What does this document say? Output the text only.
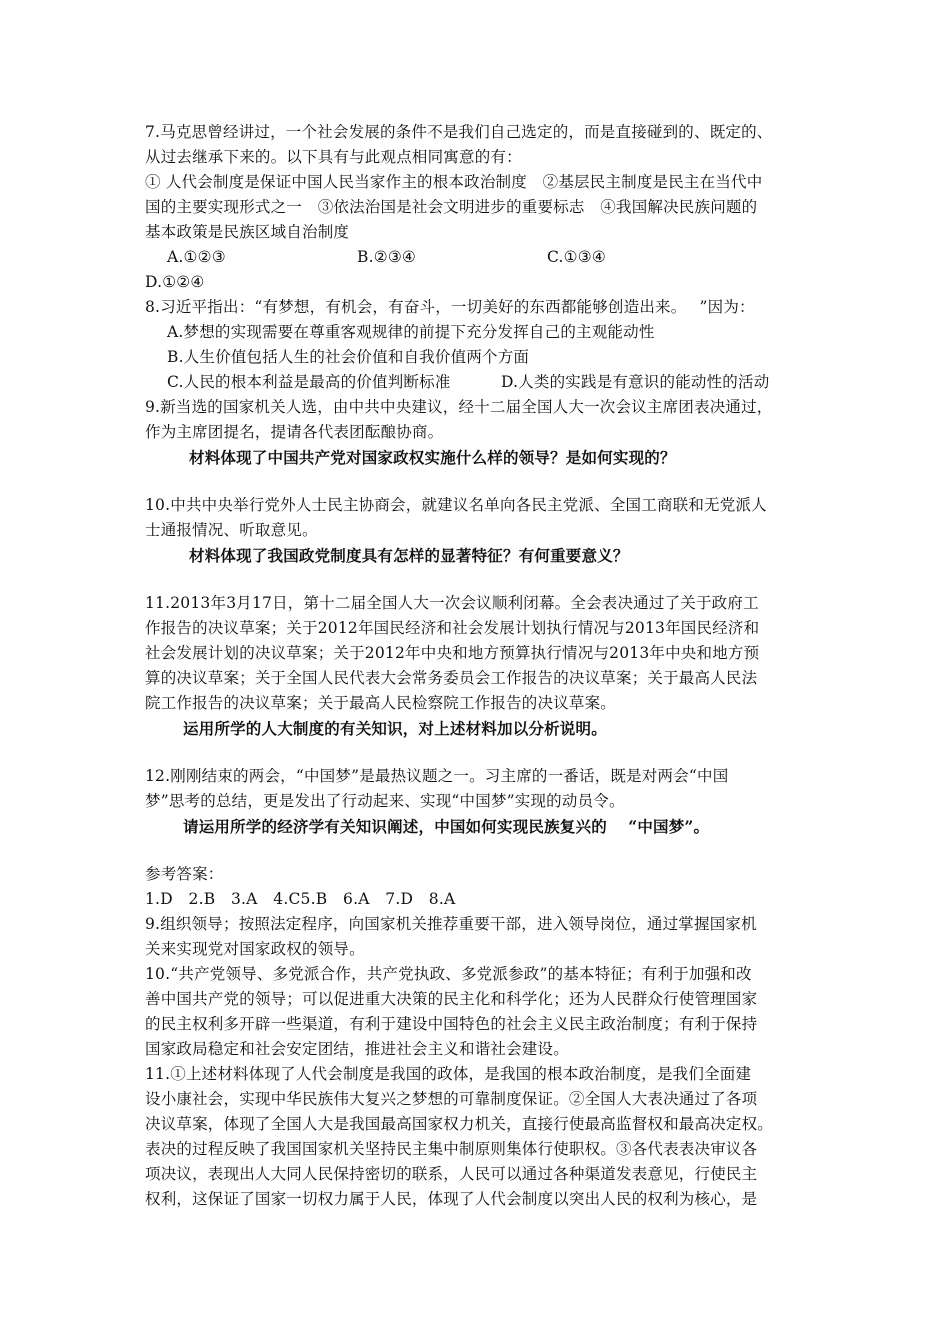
7.马克思曾经讲过，一个社会发展的条件不是我们自己选定的，而是直接碰到的、既定的、
从过去继承下来的。以下具有与此观点相同寓意的有：
① 人代会制度是保证中国人民当家作主的根本政治制度　②基层民主制度是民主在当代中
国的主要实现形式之一　③依法治国是社会文明进步的重要标志　④我国解决民族问题的
基本政策是民族区域自治制度
A.①②③	B.②③④	C.①③④
D.①②④
8.习近平指出：“有梦想，有机会，有奋斗，一切美好的东西都能够创造出来。　 ”因为：
A.梦想的实现需要在尊重客观规律的前提下充分发挥自己的主观能动性
B.人生价值包括人生的社会价值和自我价值两个方面
C.人民的根本利益是最高的价值判断标准	D.人类的实践是有意识的能动性的活动
9.新当选的国家机关人选，由中共中央建议，经十二届全国人大一次会议主席团表决通过，
作为主席团提名，提请各代表团酝酿协商。
材料体现了中国共产党对国家政权实施什么样的领导？是如何实现的？
10.中共中央举行党外人士民主协商会，就建议名单向各民主党派、全国工商联和无党派人
士通报情况、听取意见。
材料体现了我国政党制度具有怎样的显著特征？有何重要意义？
11.2013年3月17日，第十二届全国人大一次会议顺利闭幕。全会表决通过了关于政府工
作报告的决议草案；关于2012年国民经济和社会发展计划执行情况与2013年国民经济和
社会发展计划的决议草案；关于2012年中央和地方预算执行情况与2013年中央和地方预
算的决议草案；关于全国人民代表大会常务委员会工作报告的决议草案；关于最高人民法
院工作报告的决议草案；关于最高人民检察院工作报告的决议草案。
运用所学的人大制度的有关知识，对上述材料加以分析说明。
12.刚刚结束的两会，“中国梦”是最热议题之一。习主席的一番话，既是对两会“中国
梦”思考的总结，更是发出了行动起来、实现“中国梦”实现的动员令。
请运用所学的经济学有关知识阐述，中国如何实现民族复兴的　 “中国梦”。
参考答案：
1.D　2.B　3.A　4.C5.B　6.A　7.D　8.A
9.组织领导；按照法定程序，向国家机关推荐重要干部，进入领导岗位，通过掌握国家机
关来实现党对国家政权的领导。
10.“共产党领导、多党派合作，共产党执政、多党派参政”的基本特征；有利于加强和改
善中国共产党的领导；可以促进重大决策的民主化和科学化；还为人民群众行使管理国家
的民主权利多开辟一些渠道，有利于建设中国特色的社会主义民主政治制度；有利于保持
国家政局稳定和社会安定团结，推进社会主义和谐社会建设。
11.①上述材料体现了人代会制度是我国的政体，是我国的根本政治制度，是我们全面建
设小康社会，实现中华民族伟大复兴之梦想的可靠制度保证。②全国人大表决通过了各项
决议草案，体现了全国人大是我国最高国家权力机关，直接行使最高监督权和最高决定权。
表决的过程反映了我国国家机关坚持民主集中制原则集体行使职权。③各代表表决审议各
项决议，表现出人大同人民保持密切的联系，人民可以通过各种渠道发表意见，行使民主
权利，这保证了国家一切权力属于人民，体现了人代会制度以突出人民的权利为核心，是
